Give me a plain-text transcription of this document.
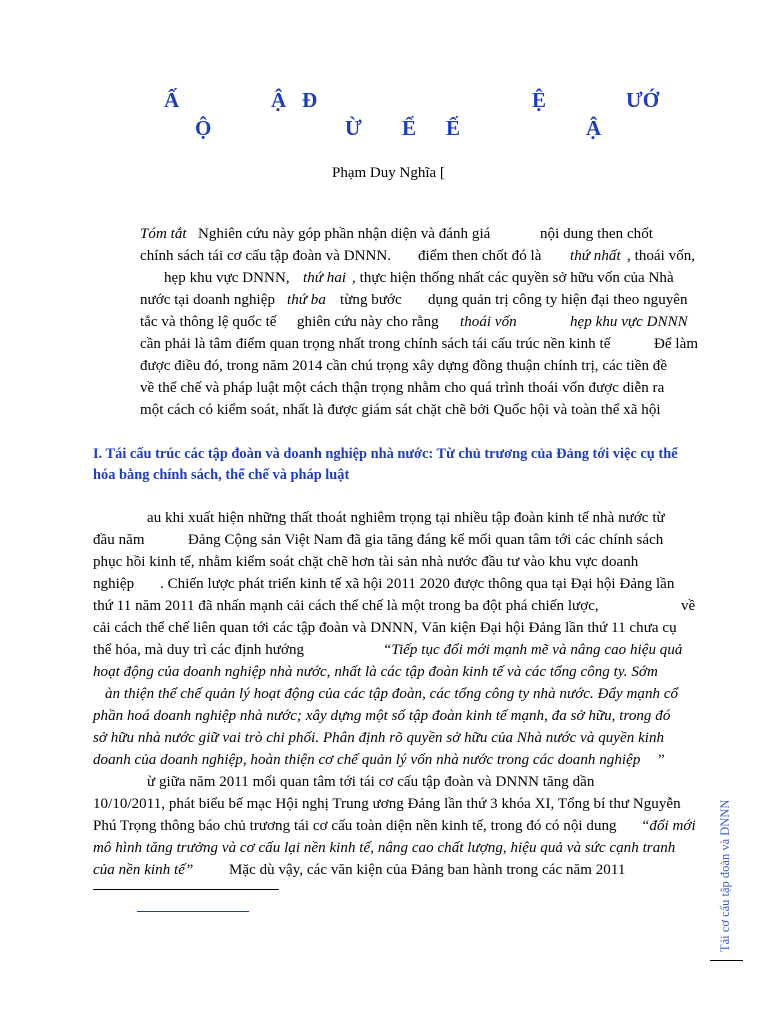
Ấ	Ậ Đ	Ệ	ƯỚ
Ộ	Ừ Ể Ế	Ậ
Phạm Duy Nghĩa [
Tóm tắt Nghiên cứu này góp phần nhận diện và đánh giá	nội dung then chốt
chính sách tái cơ cấu tập đoàn và DNNN. điểm then chốt đó là thứ nhất , thoái vốn,
hẹp khu vực DNNN, thứ hai , thực hiện thống nhất các quyền sở hữu vốn của Nhà
nước tại doanh nghiệp thứ ba từng bước dụng quản trị công ty hiện đại theo nguyên
tắc và thông lệ quốc tế ghiên cứu này cho rằng thoái vốn	hẹp khu vực DNNN
cần phải là tâm điểm quan trọng nhất trong chính sách tái cấu trúc nền kinh tế	Để làm
được điều đó, trong năm 2014 cần chú trọng xây dựng đồng thuận chính trị, các tiền đề
về thể chế và pháp luật một cách thận trọng nhằm cho quá trình thoái vốn được diễn ra
một cách có kiểm soát, nhất là được giám sát chặt chẽ bởi Quốc hội và toàn thể xã hội
I. Tái cấu trúc các tập đoàn và doanh nghiệp nhà nước: Từ chủ trương của Đảng tới việc cụ thể
hóa bằng chính sách, thể chế và pháp luật
au khi xuất hiện những thất thoát nghiêm trọng tại nhiều tập đoàn kinh tế nhà nước từ
đầu năm	Đảng Cộng sản Việt Nam đã gia tăng đáng kể mối quan tâm tới các chính sách
phục hồi kinh tế, nhằm kiểm soát chặt chẽ hơn tài sản nhà nước đầu tư vào khu vực doanh
nghiệp . Chiến lược phát triển kinh tế xã hội 2011 2020 được thông qua tại Đại hội Đảng lần
thứ 11 năm 2011 đã nhấn mạnh cải cách thể chế là một trong ba đột phá chiến lược,	về
cải cách thể chế liên quan tới các tập đoàn và DNNN, Văn kiện Đại hội Đảng lần thứ 11 chưa cụ
thể hóa, mà duy trì các định hướng	“Tiếp tục đổi mới mạnh mẽ và nâng cao hiệu quả
hoạt động của doanh nghiệp nhà nước, nhất là các tập đoàn kinh tế và các tổng công ty. Sớm
àn thiện thể chế quản lý hoạt động của các tập đoàn, các tổng công ty nhà nước. Đẩy mạnh cổ
phần hoá doanh nghiệp nhà nước; xây dựng một số tập đoàn kinh tế mạnh, đa sở hữu, trong đó
sở hữu nhà nước giữ vai trò chi phối. Phân định rõ quyền sở hữu của Nhà nước và quyền kinh
doanh của doanh nghiệp, hoàn thiện cơ chế quản lý vốn nhà nước trong các doanh nghiệp ”
ừ giữa năm 2011 mối quan tâm tới tái cơ cấu tập đoàn và DNNN tăng dần
10/10/2011, phát biểu bế mạc Hội nghị Trung ương Đảng lần thứ 3 khóa XI, Tổng bí thư Nguyễn
Phú Trọng thông báo chủ trương tái cơ cấu toàn diện nền kinh tế, trong đó có nội dung “đổi mới
mô hình tăng trưởng và cơ cấu lại nền kinh tế, nâng cao chất lượng, hiệu quả và sức cạnh tranh
của nền kinh tế” Mặc dù vậy, các văn kiện của Đảng ban hành trong các năm 2011	Tái cơ cấu tập đoàn và DNNN
